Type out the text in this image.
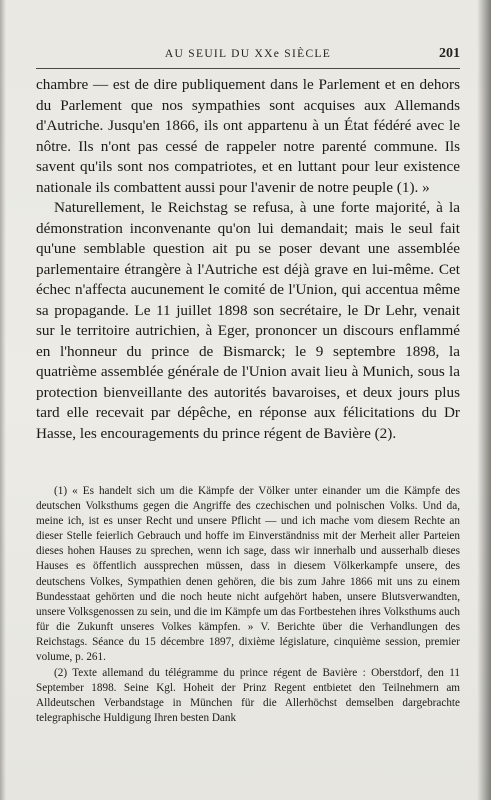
AU SEUIL DU XXe SIÈCLE	201

chambre — est de dire publiquement dans le Parlement et en dehors du Parlement que nos sympathies sont acquises aux Allemands d'Autriche. Jusqu'en 1866, ils ont appartenu à un État fédéré avec le nôtre. Ils n'ont pas cessé de rappeler notre parenté commune. Ils savent qu'ils sont nos compatriotes, et en luttant pour leur existence nationale ils combattent aussi pour l'avenir de notre peuple (1). »

Naturellement, le Reichstag se refusa, à une forte majorité, à la démonstration inconvenante qu'on lui demandait; mais le seul fait qu'une semblable question ait pu se poser devant une assemblée parlementaire étrangère à l'Autriche est déjà grave en lui-même. Cet échec n'affecta aucunement le comité de l'Union, qui accentua même sa propagande. Le 11 juillet 1898 son secrétaire, le Dr Lehr, venait sur le territoire autrichien, à Eger, prononcer un discours enflammé en l'honneur du prince de Bismarck; le 9 septembre 1898, la quatrième assemblée générale de l'Union avait lieu à Munich, sous la protection bienveillante des autorités bavaroises, et deux jours plus tard elle recevait par dépêche, en réponse aux félicitations du Dr Hasse, les encouragements du prince régent de Bavière (2).

(1) « Es handelt sich um die Kämpfe der Völker unter einander um die Kämpfe des deutschen Volksthums gegen die Angriffe des czechischen und polnischen Volks. Und da, meine ich, ist es unser Recht und unsere Pflicht — und ich mache vom diesem Rechte an dieser Stelle feierlich Gebrauch und hoffe im Einverständniss mit der Merheit aller Parteien dieses hohen Hauses zu sprechen, wenn ich sage, dass wir innerhalb und ausserhalb dieses Hauses es öffentlich aussprechen müssen, dass in diesem Völkerkampfe unsere, des deutschens Volkes, Sympathien denen gehören, die bis zum Jahre 1866 mit uns zu einem Bundesstaat gehörten und die noch heute nicht aufgehört haben, unsere Blutsverwandten, unsere Volksgenossen zu sein, und die im Kämpfe um das Fortbestehen ihres Volksthums auch für die Zukunft unseres Volkes kämpfen. » V. Berichte über die Verhandlungen des Reichstags. Séance du 15 décembre 1897, dixième législature, cinquième session, premier volume, p. 261.

(2) Texte allemand du télégramme du prince régent de Bavière : Oberstdorf, den 11 September 1898. Seine Kgl. Hoheit der Prinz Regent entbietet den Teilnehmern am Alldeutschen Verbandstage in München für die Allerhöchst demselben dargebrachte telegraphische Huldigung Ihren besten Dank
